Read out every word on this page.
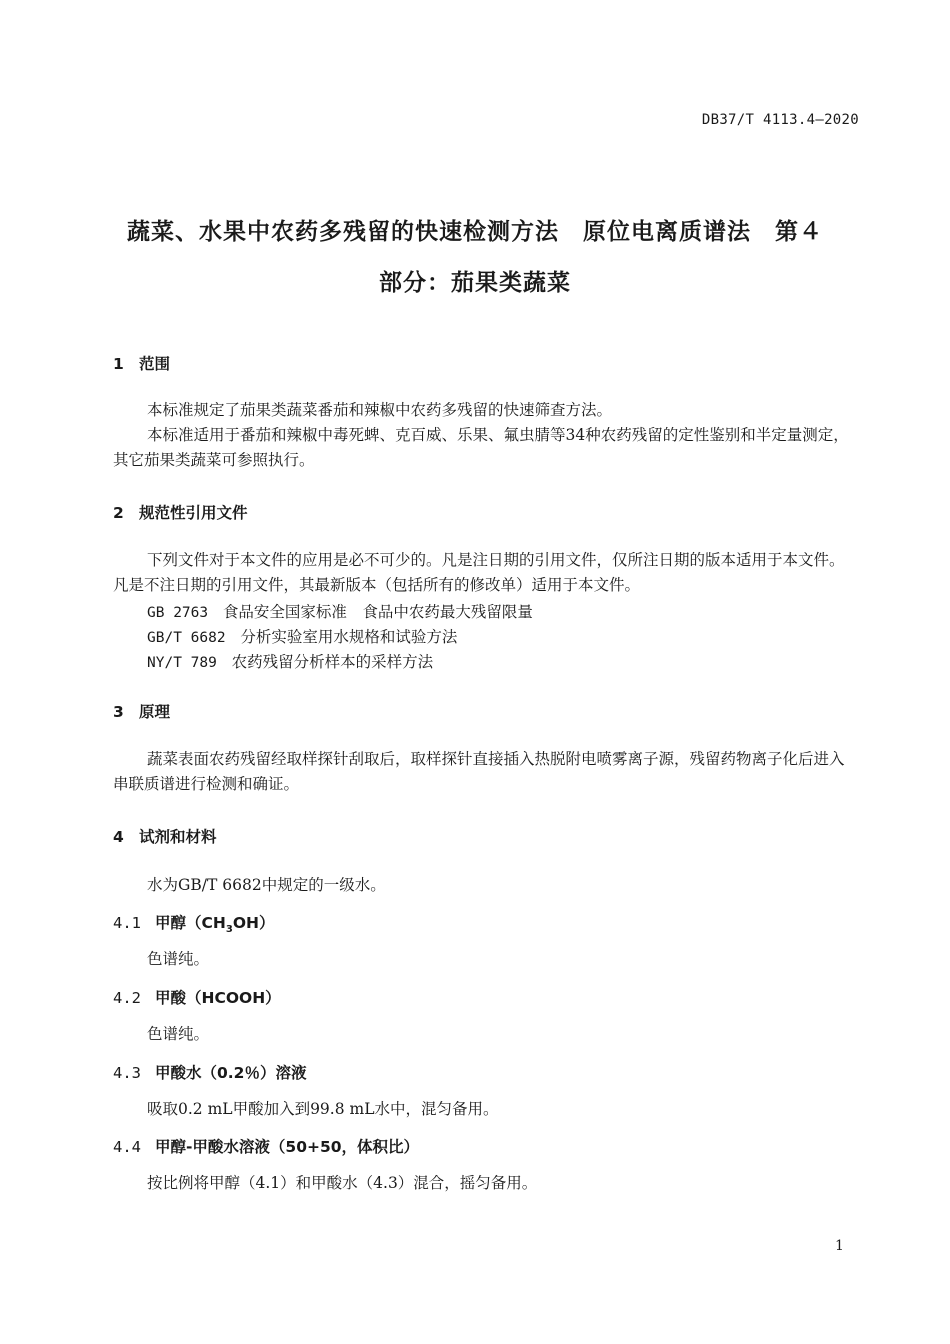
DB37/T 4113.4—2020
蔬菜、水果中农药多残留的快速检测方法　原位电离质谱法　第４
部分：茄果类蔬菜
1 范围

本标准规定了茄果类蔬菜番茄和辣椒中农药多残留的快速筛查方法。

本标准适用于番茄和辣椒中毒死蜱、克百威、乐果、氟虫腈等34种农药残留的定性鉴别和半定量测定，其它茄果类蔬菜可参照执行。

2 规范性引用文件

下列文件对于本文件的应用是必不可少的。凡是注日期的引用文件，仅所注日期的版本适用于本文件。凡是不注日期的引用文件，其最新版本（包括所有的修改单）适用于本文件。

GB 2763 食品安全国家标准　食品中农药最大残留限量
GB/T 6682 分析实验室用水规格和试验方法
NY/T 789 农药残留分析样本的采样方法
3 原理

蔬菜表面农药残留经取样探针刮取后，取样探针直接插入热脱附电喷雾离子源，残留药物离子化后进入串联质谱进行检测和确证。

4 试剂和材料

水为GB/T 6682中规定的一级水。

4.1 甲醇$(CH_3OH)$

色谱纯。

4.2 甲酸（HCOOH）

色谱纯。

4.3 甲酸水（0.2％）溶液

吸取0.2 mL甲酸加入到99.8 mL水中，混匀备用。

4.4 甲醇-甲酸水溶液（50+50，体积比）

按比例将甲醇（4.1）和甲酸水（4.3）混合，摇匀备用。

1
